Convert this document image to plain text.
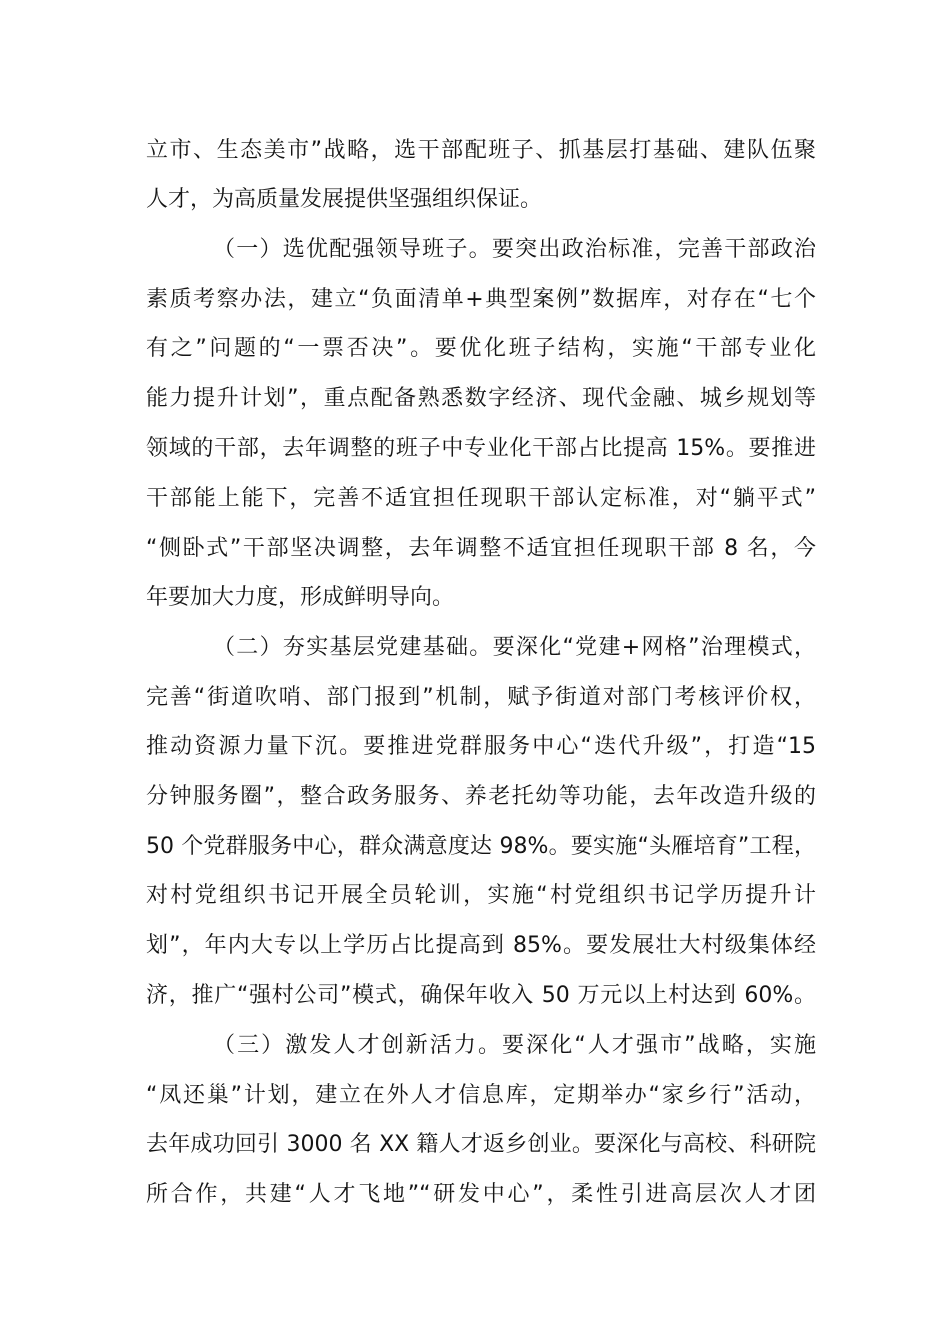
立市、生态美市”战略，选干部配班子、抓基层打基础、建队伍聚
人才，为高质量发展提供坚强组织保证。
（一）选优配强领导班子。要突出政治标准，完善干部政治
素质考察办法，建立“负面清单+典型案例”数据库，对存在“七个
有之”问题的“一票否决”。要优化班子结构，实施“干部专业化
能力提升计划”，重点配备熟悉数字经济、现代金融、城乡规划等
领域的干部，去年调整的班子中专业化干部占比提高 15%。要推进
干部能上能下，完善不适宜担任现职干部认定标准，对“躺平式”
“侧卧式”干部坚决调整，去年调整不适宜担任现职干部 8 名，今
年要加大力度，形成鲜明导向。
（二）夯实基层党建基础。要深化“党建+网格”治理模式，
完善“街道吹哨、部门报到”机制，赋予街道对部门考核评价权，
推动资源力量下沉。要推进党群服务中心“迭代升级”，打造“15
分钟服务圈”，整合政务服务、养老托幼等功能，去年改造升级的
50 个党群服务中心，群众满意度达 98%。要实施“头雁培育”工程，
对村党组织书记开展全员轮训，实施“村党组织书记学历提升计
划”，年内大专以上学历占比提高到 85%。要发展壮大村级集体经
济，推广“强村公司”模式，确保年收入 50 万元以上村达到 60%。
（三）激发人才创新活力。要深化“人才强市”战略，实施
“凤还巢”计划，建立在外人才信息库，定期举办“家乡行”活动，
去年成功回引 3000 名 XX 籍人才返乡创业。要深化与高校、科研院
所合作，共建“人才飞地”“研发中心”，柔性引进高层次人才团
